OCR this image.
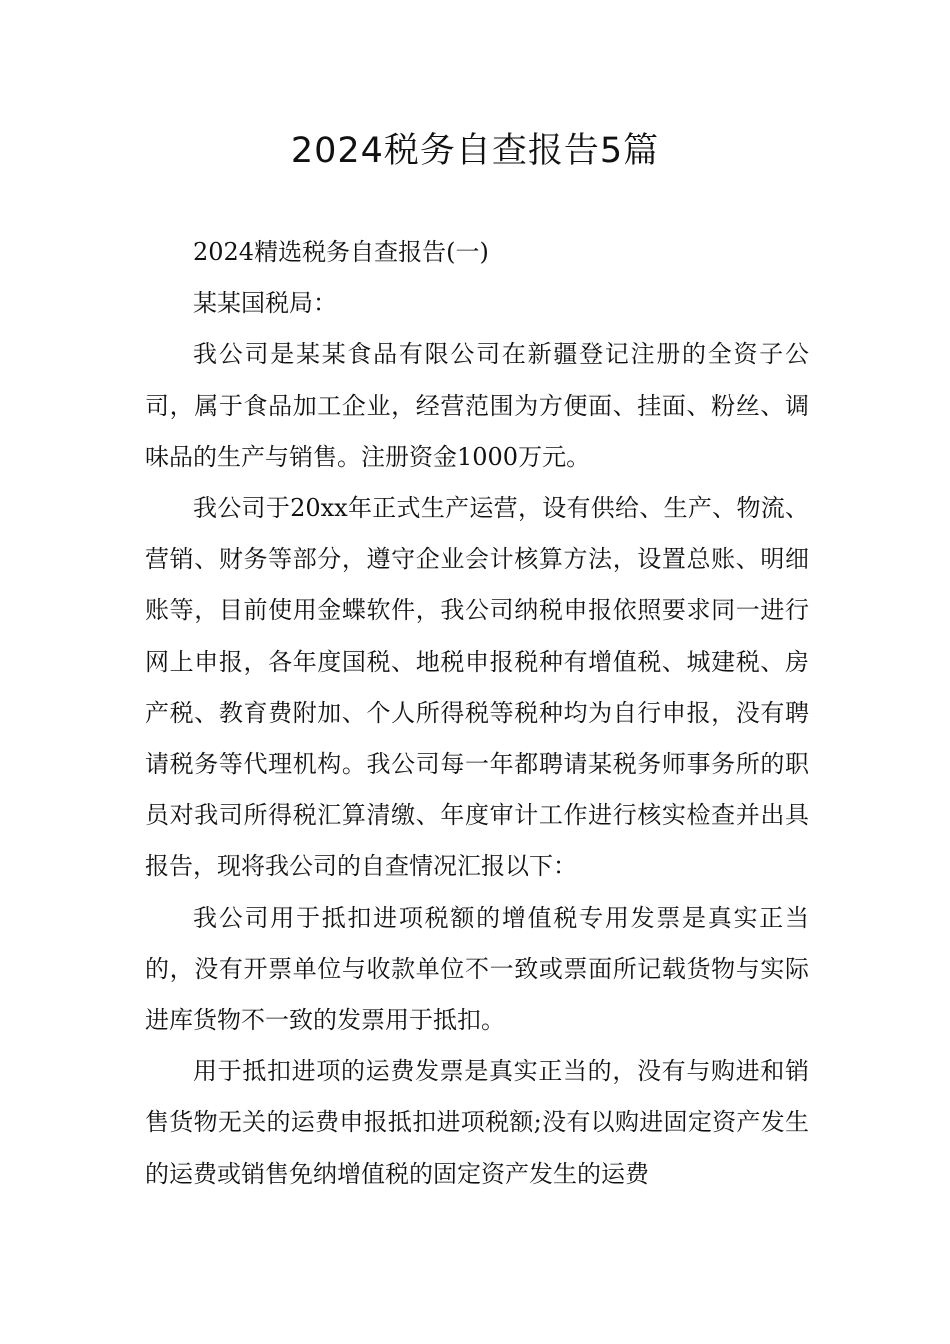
2024税务自查报告5篇

2024精选税务自查报告(一)

某某国税局：

我公司是某某食品有限公司在新疆登记注册的全资子公司，属于食品加工企业，经营范围为方便面、挂面、粉丝、调味品的生产与销售。注册资金1000万元。

我公司于20xx年正式生产运营，设有供给、生产、物流、营销、财务等部分，遵守企业会计核算方法，设置总账、明细账等，目前使用金蝶软件，我公司纳税申报依照要求同一进行网上申报，各年度国税、地税申报税种有增值税、城建税、房产税、教育费附加、个人所得税等税种均为自行申报，没有聘请税务等代理机构。我公司每一年都聘请某税务师事务所的职员对我司所得税汇算清缴、年度审计工作进行核实检查并出具报告，现将我公司的自查情况汇报以下：

我公司用于抵扣进项税额的增值税专用发票是真实正当的，没有开票单位与收款单位不一致或票面所记载货物与实际进库货物不一致的发票用于抵扣。

用于抵扣进项的运费发票是真实正当的，没有与购进和销售货物无关的运费申报抵扣进项税额;没有以购进固定资产发生的运费或销售免纳增值税的固定资产发生的运费
